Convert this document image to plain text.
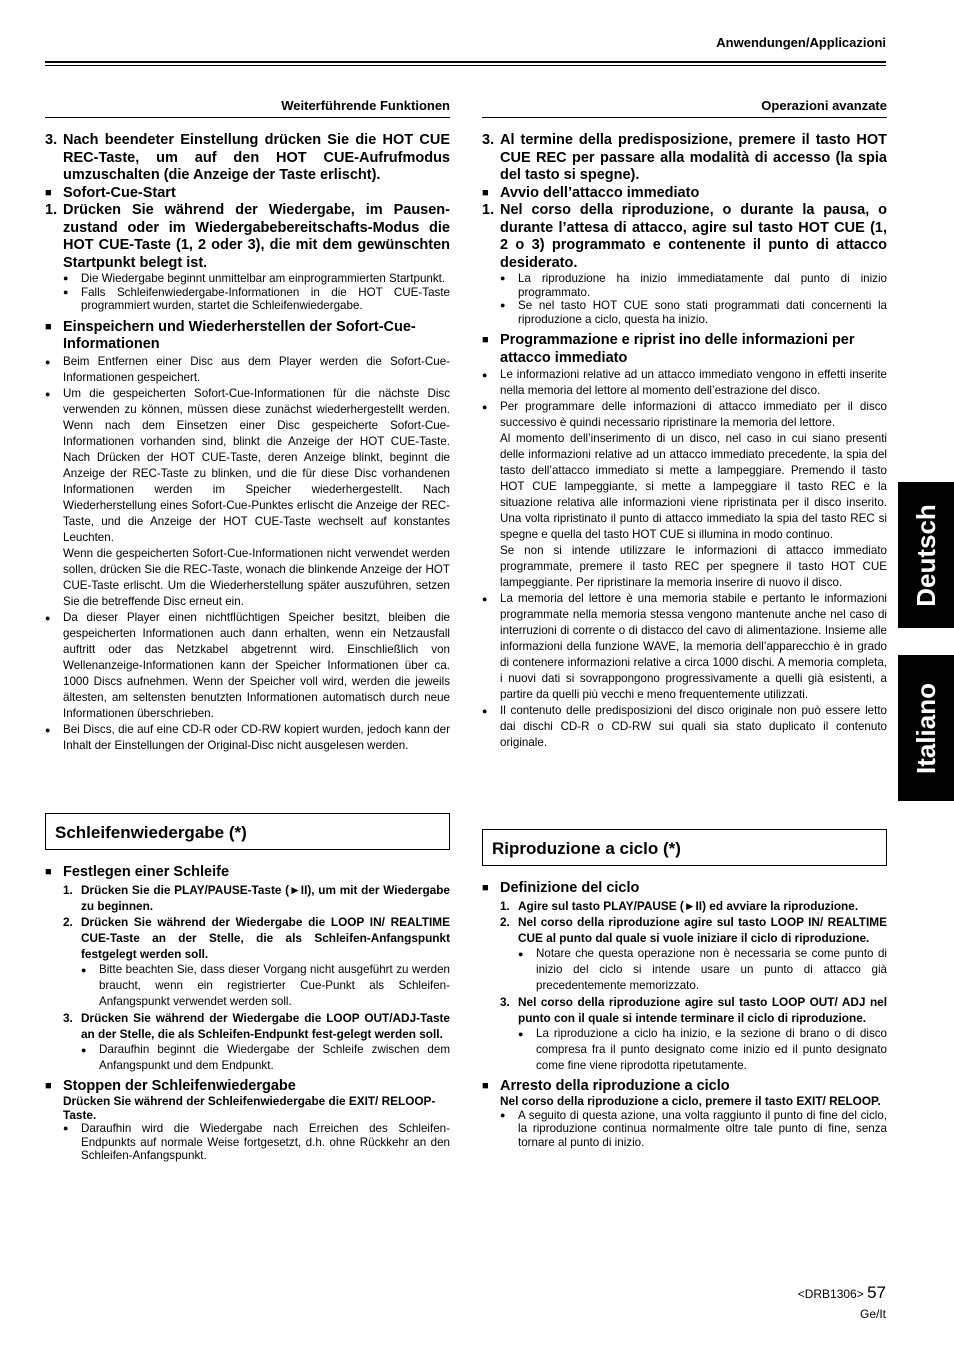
Anwendungen/Applicazioni
Weiterführende Funktionen	Operazioni avanzate
3. Nach beendeter Einstellung drücken Sie die HOT CUE REC-Taste, um auf den HOT CUE-Aufrufmodus umzuschalten (die Anzeige der Taste erlischt).
■ Sofort-Cue-Start
1. Drücken Sie während der Wiedergabe, im Pausen-zustand oder im Wiedergabebereitschafts-Modus die HOT CUE-Taste (1, 2 oder 3), die mit dem gewünschten Startpunkt belegt ist.
●	Die Wiedergabe beginnt unmittelbar am einprogrammierten Startpunkt.
●	Falls Schleifenwiedergabe-Informationen in die HOT CUE-Taste programmiert wurden, startet die Schleifenwiedergabe.
■ Einspeichern und Wiederherstellen der Sofort-Cue-Informationen
●	Beim Entfernen einer Disc aus dem Player werden die Sofort-Cue-Informationen gespeichert.
●	Um die gespeicherten Sofort-Cue-Informationen für die nächste Disc verwenden zu können, müssen diese zunächst wiederhergestellt werden. Wenn nach dem Einsetzen einer Disc gespeicherte Sofort-Cue-Informationen vorhanden sind, blinkt die Anzeige der HOT CUE-Taste. Nach Drücken der HOT CUE-Taste, deren Anzeige blinkt, beginnt die Anzeige der REC-Taste zu blinken, und die für diese Disc vorhandenen Informationen werden im Speicher wiederhergestellt. Nach Wiederherstellung eines Sofort-Cue-Punktes erlischt die Anzeige der REC-Taste, und die Anzeige der HOT CUE-Taste wechselt auf konstantes Leuchten.
Wenn die gespeicherten Sofort-Cue-Informationen nicht verwendet werden sollen, drücken Sie die REC-Taste, wonach die blinkende Anzeige der HOT CUE-Taste erlischt. Um die Wiederherstellung später auszuführen, setzen Sie die betreffende Disc erneut ein.
●	Da dieser Player einen nichtflüchtigen Speicher besitzt, bleiben die gespeicherten Informationen auch dann erhalten, wenn ein Netzausfall auftritt oder das Netzkabel abgetrennt wird. Einschließlich von Wellenanzeige-Informationen kann der Speicher Informationen über ca. 1000 Discs aufnehmen. Wenn der Speicher voll wird, werden die jeweils ältesten, am seltensten benutzten Informationen automatisch durch neue Informationen überschrieben.
●	Bei Discs, die auf eine CD-R oder CD-RW kopiert wurden, jedoch kann der Inhalt der Einstellungen der Original-Disc nicht ausgelesen werden.
Schleifenwiedergabe (*)
■ Festlegen einer Schleife
1. Drücken Sie die PLAY/PAUSE-Taste (►II), um mit der Wiedergabe zu beginnen.
2. Drücken Sie während der Wiedergabe die LOOP IN/ REALTIME CUE-Taste an der Stelle, die als Schleifen-Anfangspunkt festgelegt werden soll.
●	Bitte beachten Sie, dass dieser Vorgang nicht ausgeführt zu werden braucht, wenn ein registrierter Cue-Punkt als Schleifen-Anfangspunkt verwendet werden soll.
3. Drücken Sie während der Wiedergabe die LOOP OUT/ADJ-Taste an der Stelle, die als Schleifen-Endpunkt fest-gelegt werden soll.
●	Daraufhin beginnt die Wiedergabe der Schleife zwischen dem Anfangspunkt und dem Endpunkt.
■ Stoppen der Schleifenwiedergabe
Drücken Sie während der Schleifenwiedergabe die EXIT/ RELOOP-Taste.
●	Daraufhin wird die Wiedergabe nach Erreichen des Schleifen-Endpunkts auf normale Weise fortgesetzt, d.h. ohne Rückkehr an den Schleifen-Anfangspunkt.
3. Al termine della predisposizione, premere il tasto HOT CUE REC per passare alla modalità di accesso (la spia del tasto si spegne).
■ Avvio dell’attacco immediato
1. Nel corso della riproduzione, o durante la pausa, o durante l’attesa di attacco, agire sul tasto HOT CUE (1, 2 o 3) programmato e contenente il punto di attacco desiderato.
●	La riproduzione ha inizio immediatamente dal punto di inizio programmato.
●	Se nel tasto HOT CUE sono stati programmati dati concernenti la riproduzione a ciclo, questa ha inizio.
■ Programmazione e riprist ino delle informazioni per attacco immediato
●	Le informazioni relative ad un attacco immediato vengono in effetti inserite nella memoria del lettore al momento dell’estrazione del disco.
●	Per programmare delle informazioni di attacco immediato per il disco successivo è quindi necessario ripristinare la memoria del lettore.
Al momento dell’inserimento di un disco, nel caso in cui siano presenti delle informazioni relative ad un attacco immediato precedente, la spia del tasto dell’attacco immediato si mette a lampeggiare. Premendo il tasto HOT CUE lampeggiante, si mette a lampeggiare il tasto REC e la situazione relativa alle informazioni viene ripristinata per il disco inserito. Una volta ripristinato il punto di attacco immediato la spia del tasto REC si spegne e quella del tasto HOT CUE si illumina in modo continuo.
Se non si intende utilizzare le informazioni di attacco immediato programmate, premere il tasto REC per spegnere il tasto HOT CUE lampeggiante. Per ripristinare la memoria inserire di nuovo il disco.
●	La memoria del lettore è una memoria stabile e pertanto le informazioni programmate nella memoria stessa vengono mantenute anche nel caso di interruzioni di corrente o di distacco del cavo di alimentazione. Insieme alle informazioni della funzione WAVE, la memoria dell’apparecchio è in grado di contenere informazioni relative a circa 1000 dischi. A memoria completa, i nuovi dati si sovrappongono progressivamente a quelli già esistenti, a partire da quelli più vecchi e meno frequentemente utilizzati.
●	Il contenuto delle predisposizioni del disco originale non può essere letto dai dischi CD-R o CD-RW sui quali sia stato duplicato il contenuto originale.
Riproduzione a ciclo (*)
■ Definizione del ciclo
1. Agire sul tasto PLAY/PAUSE (►II) ed avviare la riproduzione.
2. Nel corso della riproduzione agire sul tasto LOOP IN/ REALTIME CUE al punto dal quale si vuole iniziare il ciclo di riproduzione.
●	Notare che questa operazione non è necessaria se come punto di inizio del ciclo si intende usare un punto di attacco già precedentemente memorizzato.
3. Nel corso della riproduzione agire sul tasto LOOP OUT/ ADJ nel punto con il quale si intende terminare il ciclo di riproduzione.
●	La riproduzione a ciclo ha inizio, e la sezione di brano o di disco compresa fra il punto designato come inizio ed il punto designato come fine viene riprodotta ripetutamente.
■ Arresto della riproduzione a ciclo
Nel corso della riproduzione a ciclo, premere il tasto EXIT/ RELOOP.
●	A seguito di questa azione, una volta raggiunto il punto di fine del ciclo, la riproduzione continua normalmente oltre tale punto di fine, senza tornare al punto di inizio.
Deutsch
Italiano
<DRB1306> 57
Ge/It
